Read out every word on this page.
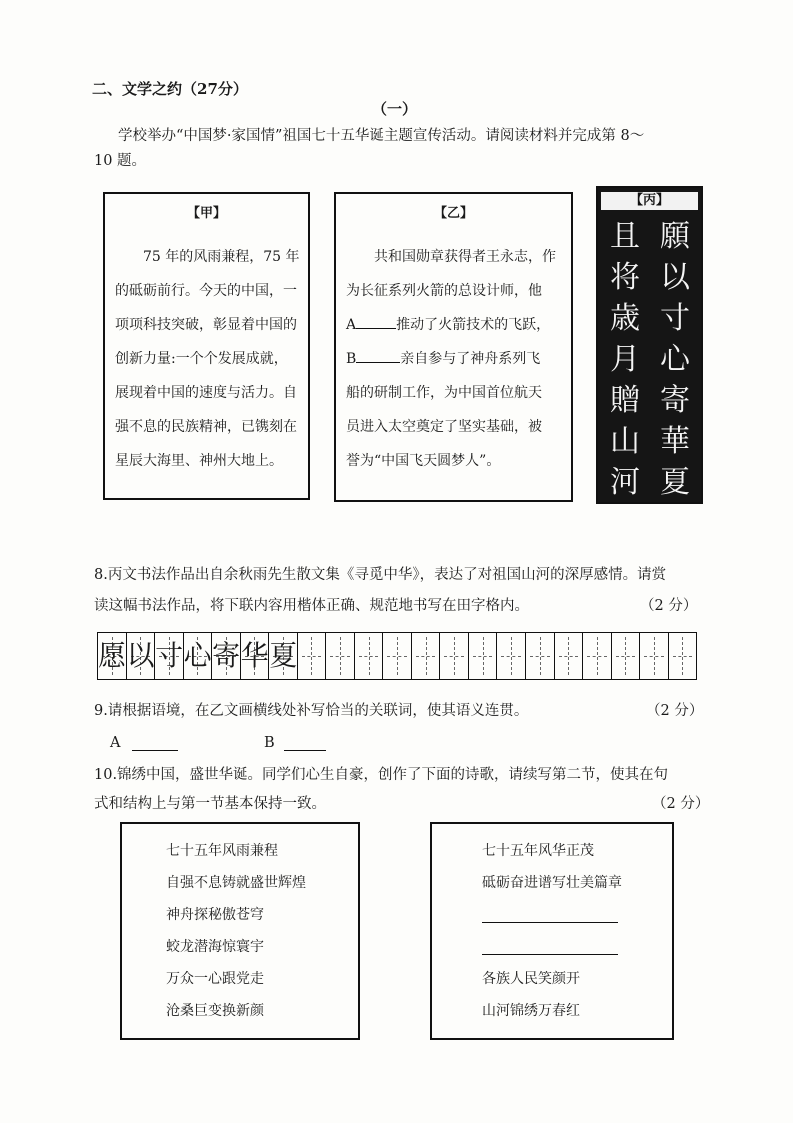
二、文学之约（27分）
（一）
学校举办“中国梦·家国情”祖国七十五华诞主题宣传活动。请阅读材料并完成第 8～
10 题。
【甲】

　　75 年的风雨兼程，75 年

的砥砺前行。今天的中国，一

项项科技突破，彰显着中国的

创新力量:一个个发展成就，

展现着中国的速度与活力。自

强不息的民族精神，已镌刻在

星辰大海里、神州大地上。

【乙】

　　共和国勋章获得者王永志，作

为长征系列火箭的总设计师，他

A	推动了火箭技术的飞跃，

B	亲自参与了神舟系列飞

船的研制工作，为中国首位航天

员进入太空奠定了坚实基础，被

誉为“中国飞天圆梦人”。

【丙】
且
将
歳
月
贈
山
河
願
以
寸
心
寄
華
夏
8.丙文书法作品出自余秋雨先生散文集《寻觅中华》，表达了对祖国山河的深厚感情。请赏
读这幅书法作品，将下联内容用楷体正确、规范地书写在田字格内。	（2 分）
愿 以 寸 心 寄 华 夏
9.请根据语境，在乙文画横线处补写恰当的关联词，使其语义连贯。	（2 分）
A	B
10.锦绣中国，盛世华诞。同学们心生自豪，创作了下面的诗歌，请续写第二节，使其在句
式和结构上与第一节基本保持一致。	（2 分）
七十五年风雨兼程
自强不息铸就盛世辉煌
神舟探秘傲苍穹
蛟龙潜海惊寰宇
万众一心跟党走
沧桑巨变换新颜
七十五年风华正茂
砥砺奋进谱写壮美篇章
各族人民笑颜开
山河锦绣万春红
